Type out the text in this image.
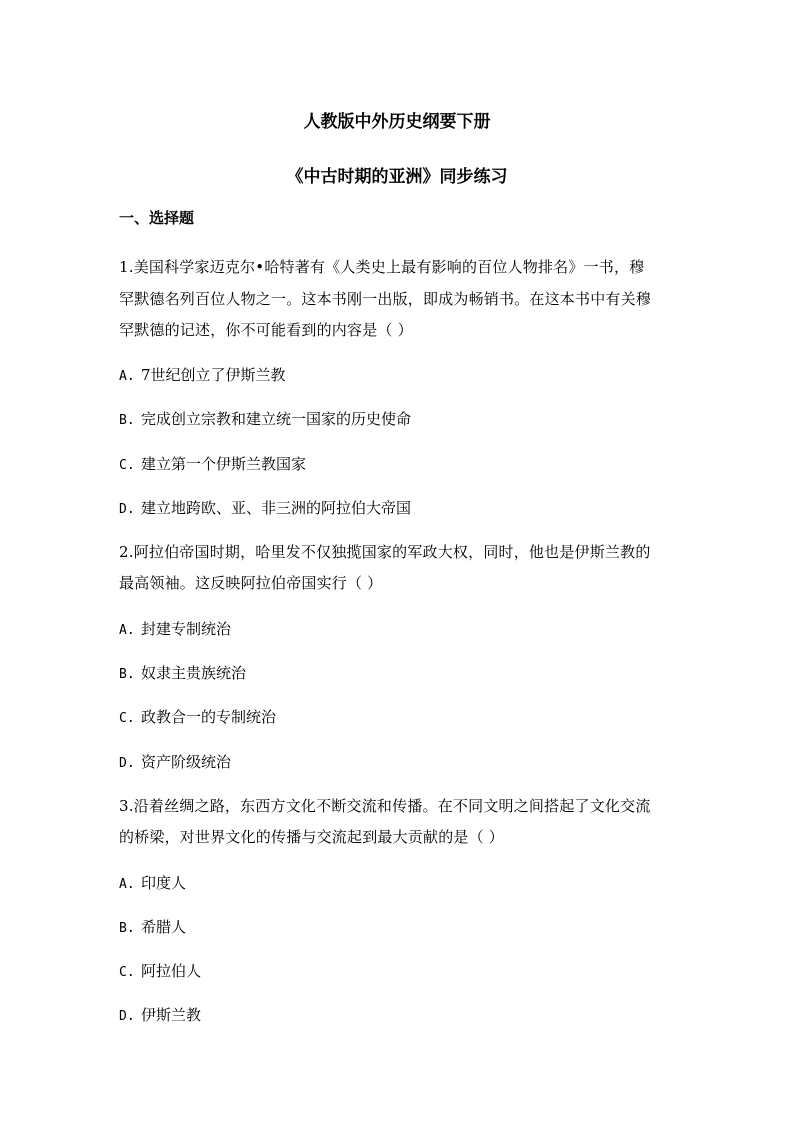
人教版中外历史纲要下册
《中古时期的亚洲》同步练习
一、选择题
1.美国科学家迈克尔•哈特著有《人类史上最有影响的百位人物排名》一书，穆
罕默德名列百位人物之一。这本书刚一出版，即成为畅销书。在这本书中有关穆
罕默德的记述，你不可能看到的内容是（ ）
A. 7世纪创立了伊斯兰教
B. 完成创立宗教和建立统一国家的历史使命
C. 建立第一个伊斯兰教国家
D. 建立地跨欧、亚、非三洲的阿拉伯大帝国
2.阿拉伯帝国时期，哈里发不仅独揽国家的军政大权，同时，他也是伊斯兰教的
最高领袖。这反映阿拉伯帝国实行（ ）
A. 封建专制统治
B. 奴隶主贵族统治
C. 政教合一的专制统治
D. 资产阶级统治
3.沿着丝绸之路，东西方文化不断交流和传播。在不同文明之间搭起了文化交流
的桥梁，对世界文化的传播与交流起到最大贡献的是（ ）
A. 印度人
B. 希腊人
C. 阿拉伯人
D. 伊斯兰教
